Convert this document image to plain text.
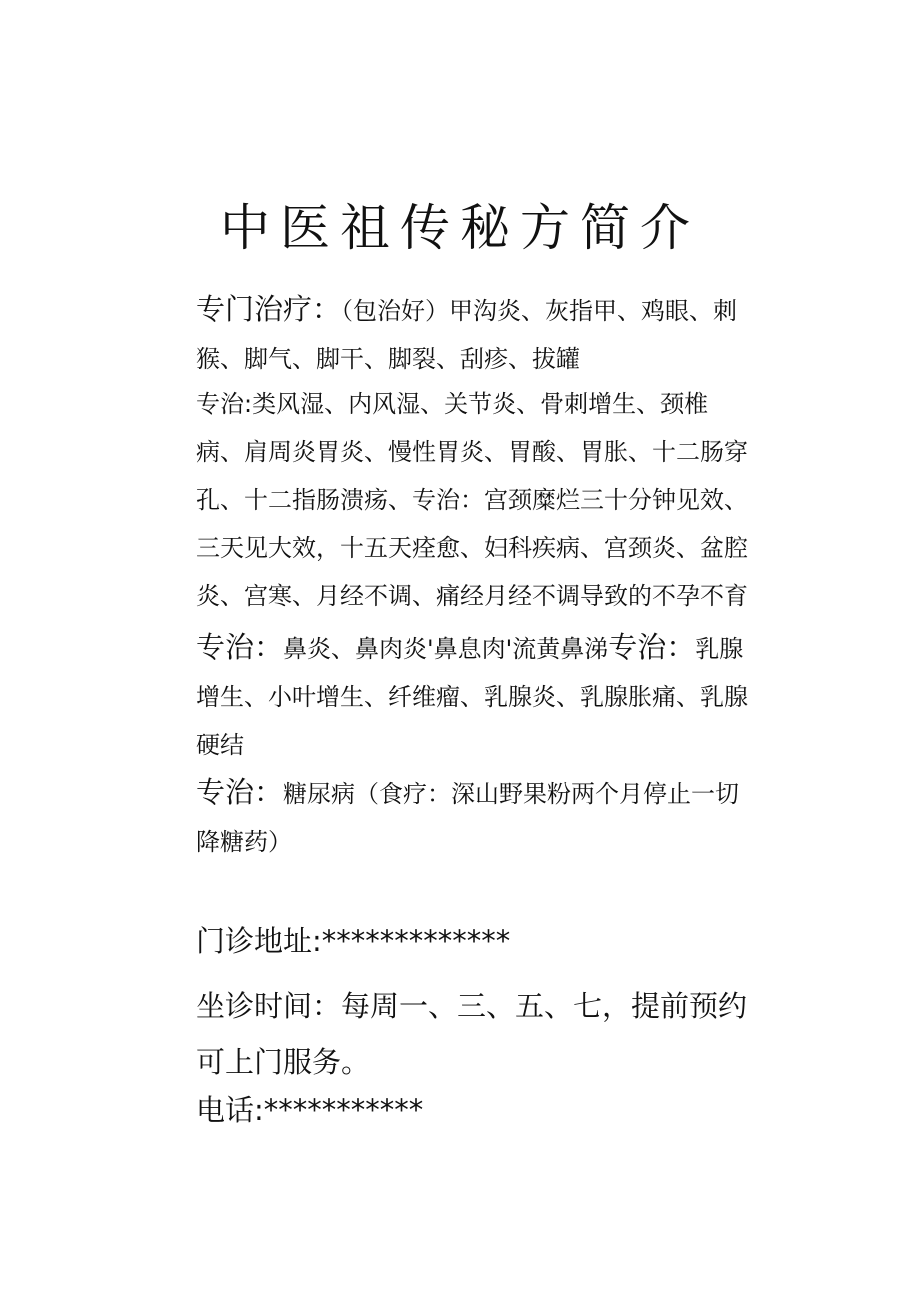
中医祖传秘方简介

专门治疗：（包治好）甲沟炎、灰指甲、鸡眼、刺猴、脚气、脚干、脚裂、刮疹、拔罐

专治:类风湿、内风湿、关节炎、骨刺增生、颈椎病、肩周炎胃炎、慢性胃炎、胃酸、胃胀、十二肠穿孔、十二指肠溃疡、专治：宫颈糜烂三十分钟见效、三天见大效，十五天痊愈、妇科疾病、宫颈炎、盆腔炎、宫寒、月经不调、痛经月经不调导致的不孕不育

专治：鼻炎、鼻肉炎'鼻息肉'流黄鼻涕专治：乳腺增生、小叶增生、纤维瘤、乳腺炎、乳腺胀痛、乳腺硬结

专治：糖尿病（食疗：深山野果粉两个月停止一切降糖药）

门诊地址:*************

坐诊时间：每周一、三、五、七，提前预约可上门服务。

电话:***********
